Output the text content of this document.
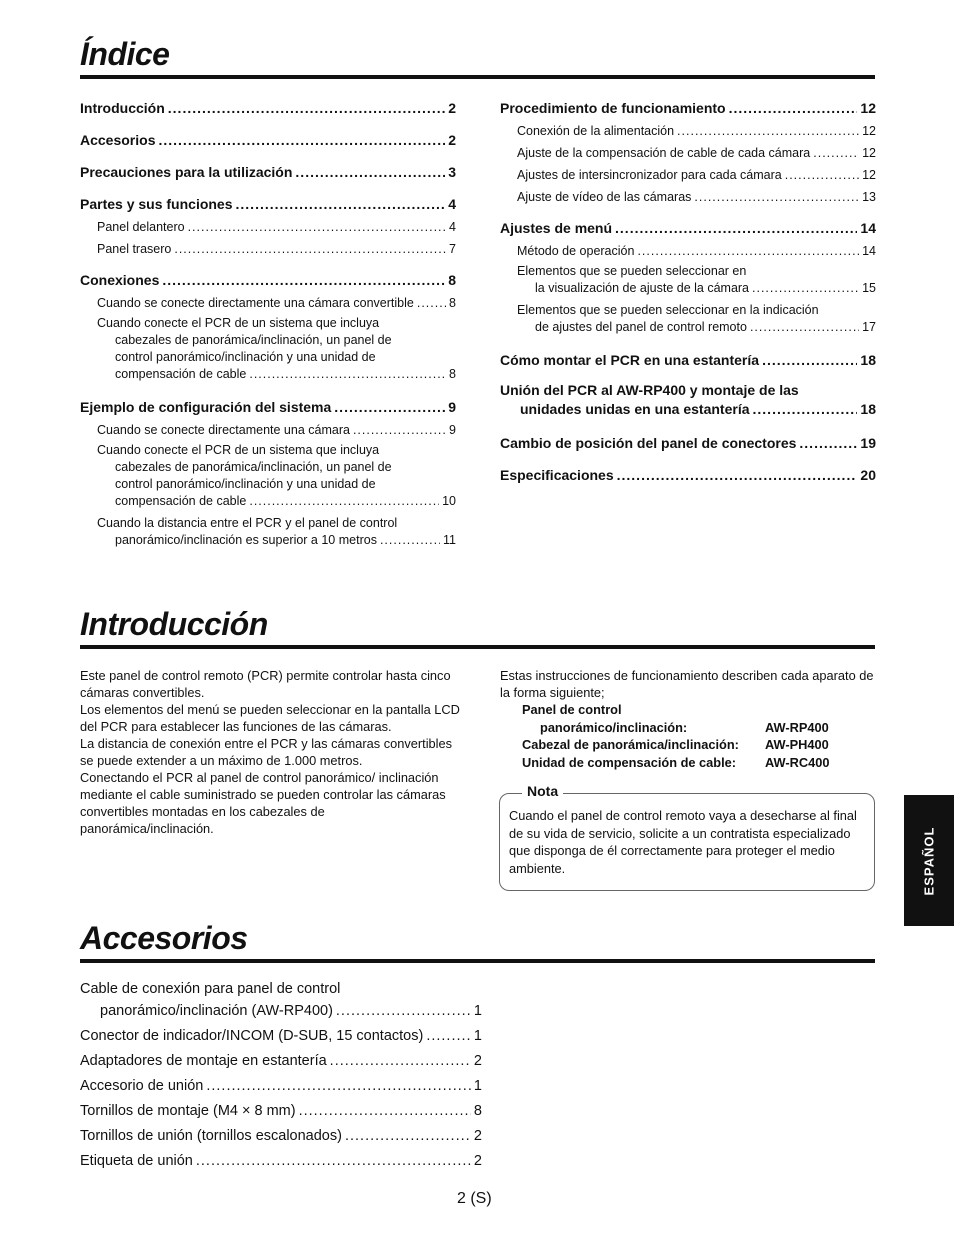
Índice
Introducción .....	2
Accesorios .....	2
Precauciones para la utilización .....	3
Partes y sus funciones .....	4
Panel delantero .....	4
Panel trasero .....	7
Conexiones .....	8
Cuando se conecte directamente una cámara convertible .....	8
Cuando conecte el PCR de un sistema que incluya
cabezales de panorámica/inclinación, un panel de
control panorámico/inclinación y una unidad de
compensación de cable .....	8
Ejemplo de configuración del sistema .....	9
Cuando se conecte directamente una cámara .....	9
Cuando conecte el PCR de un sistema que incluya
cabezales de panorámica/inclinación, un panel de
control panorámico/inclinación y una unidad de
compensación de cable .....	10
Cuando la distancia entre el PCR y el panel de control
panorámico/inclinación es superior a 10 metros .....	11
Procedimiento de funcionamiento .....	12
Conexión de la alimentación .....	12
Ajuste de la compensación de cable de cada cámara .....	12
Ajustes de intersincronizador para cada cámara .....	12
Ajuste de vídeo de las cámaras .....	13
Ajustes de menú .....	14
Método de operación .....	14
Elementos que se pueden seleccionar en
la visualización de ajuste de la cámara .....	15
Elementos que se pueden seleccionar en la indicación
de ajustes del panel de control remoto .....	17
Cómo montar el PCR en una estantería .....	18
Unión del PCR al AW-RP400 y montaje de las
unidades unidas en una estantería .....	18
Cambio de posición del panel de conectores .....	19
Especificaciones .....	20
Introducción

Este panel de control remoto (PCR) permite controlar hasta cinco cámaras convertibles.

Los elementos del menú se pueden seleccionar en la pantalla LCD del PCR para establecer las funciones de las cámaras.

La distancia de conexión entre el PCR y las cámaras convertibles se puede extender a un máximo de 1.000 metros.

Conectando el PCR al panel de control panorámico/ inclinación mediante el cable suministrado se pueden controlar las cámaras convertibles montadas en los cabezales de panorámica/inclinación.

Estas instrucciones de funcionamiento describen cada aparato de la forma siguiente;

Panel de control
panorámico/inclinación:	AW-RP400
Cabezal de panorámica/inclinación:	AW-PH400
Unidad de compensación de cable:	AW-RC400
Nota
Cuando el panel de control remoto vaya a desecharse al final de su vida de servicio, solicite a un contratista especializado que disponga de él correctamente para proteger el medio ambiente.
Accesorios
Cable de conexión para panel de control
panorámico/inclinación (AW-RP400) .....	1
Conector de indicador/INCOM (D-SUB, 15 contactos) .....	1
Adaptadores de montaje en estantería .....	2
Accesorio de unión .....	1
Tornillos de montaje (M4 × 8 mm) .....	8
Tornillos de unión (tornillos escalonados) .....	2
Etiqueta de unión .....	2
ESPAÑOL
2 (S)
